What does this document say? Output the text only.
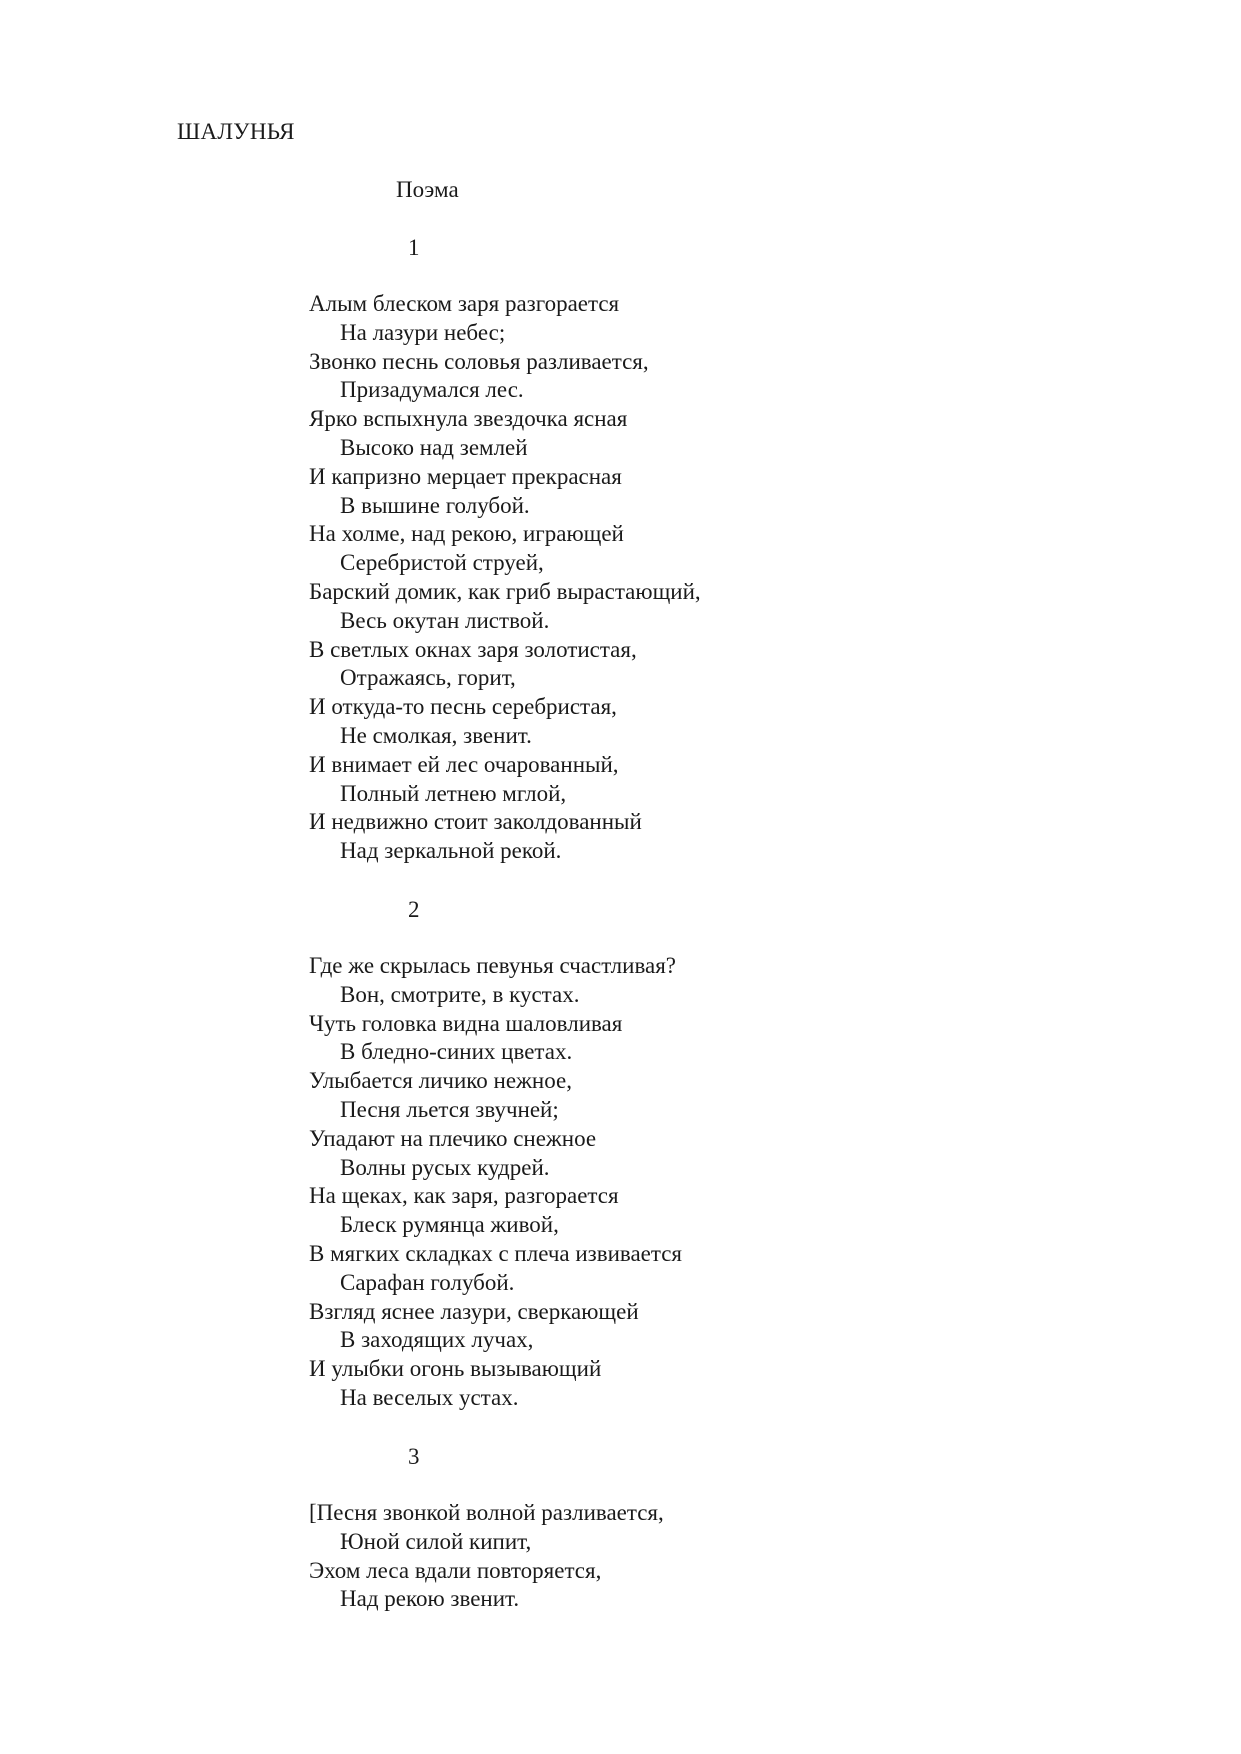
ШАЛУНЬЯ
Поэма
1
Алым блеском заря разгорается
На лазури небес;
Звонко песнь соловья разливается,
Призадумался лес.
Ярко вспыхнула звездочка ясная
Высоко над землей
И капризно мерцает прекрасная
В вышине голубой.
На холме, над рекою, играющей
Серебристой струей,
Барский домик, как гриб вырастающий,
Весь окутан листвой.
В светлых окнах заря золотистая,
Отражаясь, горит,
И откуда-то песнь серебристая,
Не смолкая, звенит.
И внимает ей лес очарованный,
Полный летнею мглой,
И недвижно стоит заколдованный
Над зеркальной рекой.
2
Где же скрылась певунья счастливая?
Вон, смотрите, в кустах.
Чуть головка видна шаловливая
В бледно-синих цветах.
Улыбается личико нежное,
Песня льется звучней;
Упадают на плечико снежное
Волны русых кудрей.
На щеках, как заря, разгорается
Блеск румянца живой,
В мягких складках с плеча извивается
Сарафан голубой.
Взгляд яснее лазури, сверкающей
В заходящих лучах,
И улыбки огонь вызывающий
На веселых устах.
3
[Песня звонкой волной разливается,
Юной силой кипит,
Эхом леса вдали повторяется,
Над рекою звенит.
